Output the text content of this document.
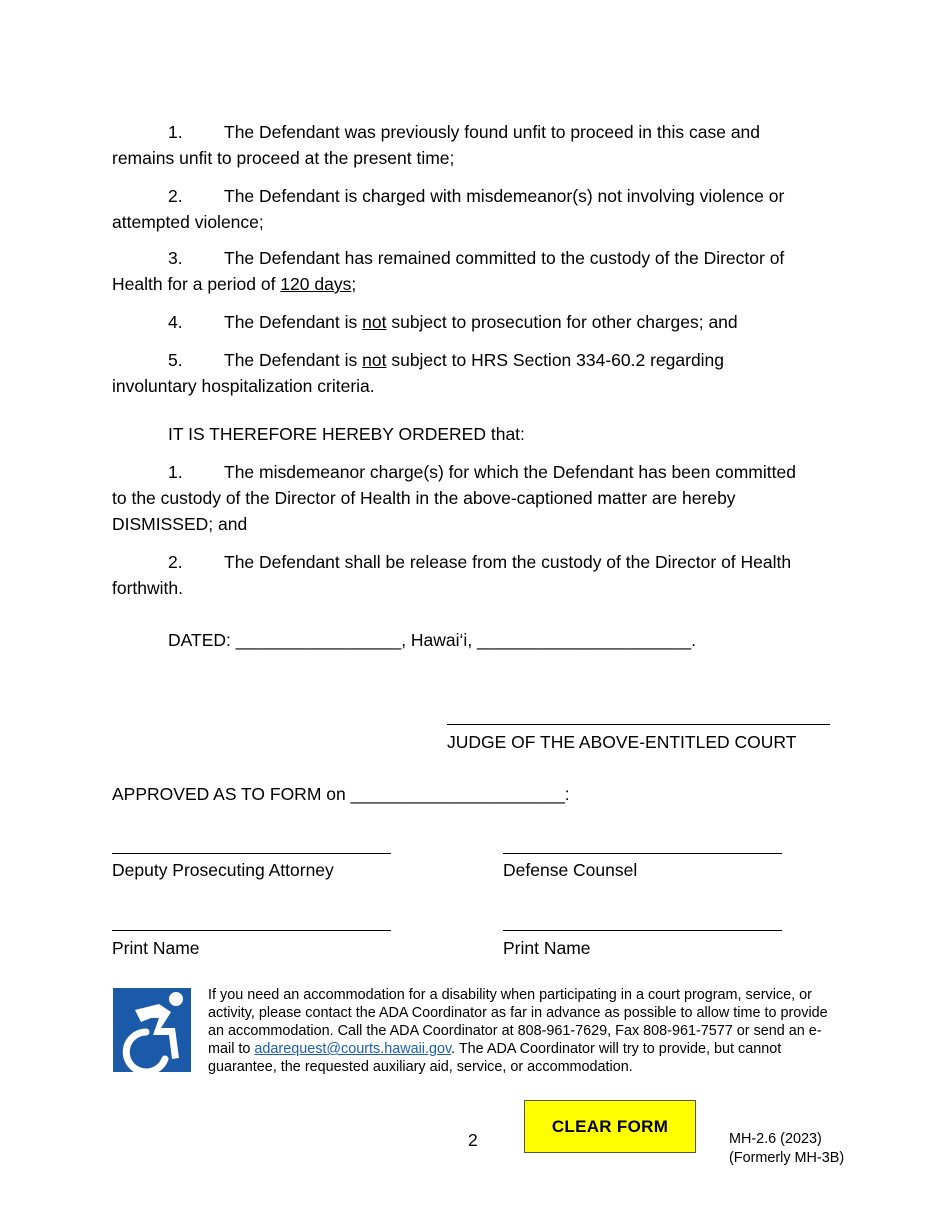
1. The Defendant was previously found unfit to proceed in this case and
remains unfit to proceed at the present time;
2. The Defendant is charged with misdemeanor(s) not involving violence or
attempted violence;
3. The Defendant has remained committed to the custody of the Director of
Health for a period of 120 days;
4. The Defendant is not subject to prosecution for other charges; and
5. The Defendant is not subject to HRS Section 334-60.2 regarding
involuntary hospitalization criteria.
IT IS THEREFORE HEREBY ORDERED that:
1. The misdemeanor charge(s) for which the Defendant has been committed
to the custody of the Director of Health in the above-captioned matter are hereby
DISMISSED; and
2. The Defendant shall be release from the custody of the Director of Health
forthwith.
DATED: _________________, Hawai‘i, ______________________.
JUDGE OF THE ABOVE-ENTITLED COURT
APPROVED AS TO FORM on ______________________:
Deputy Prosecuting Attorney	Defense Counsel
Print Name	Print Name
If you need an accommodation for a disability when participating in a court program, service, or activity, please contact the ADA Coordinator as far in advance as possible to allow time to provide an accommodation. Call the ADA Coordinator at 808-961-7629, Fax 808-961-7577 or send an e-mail to adarequest@courts.hawaii.gov. The ADA Coordinator will try to provide, but cannot guarantee, the requested auxiliary aid, service, or accommodation.
2
CLEAR FORM
MH-2.6 (2023)
(Formerly MH-3B)
